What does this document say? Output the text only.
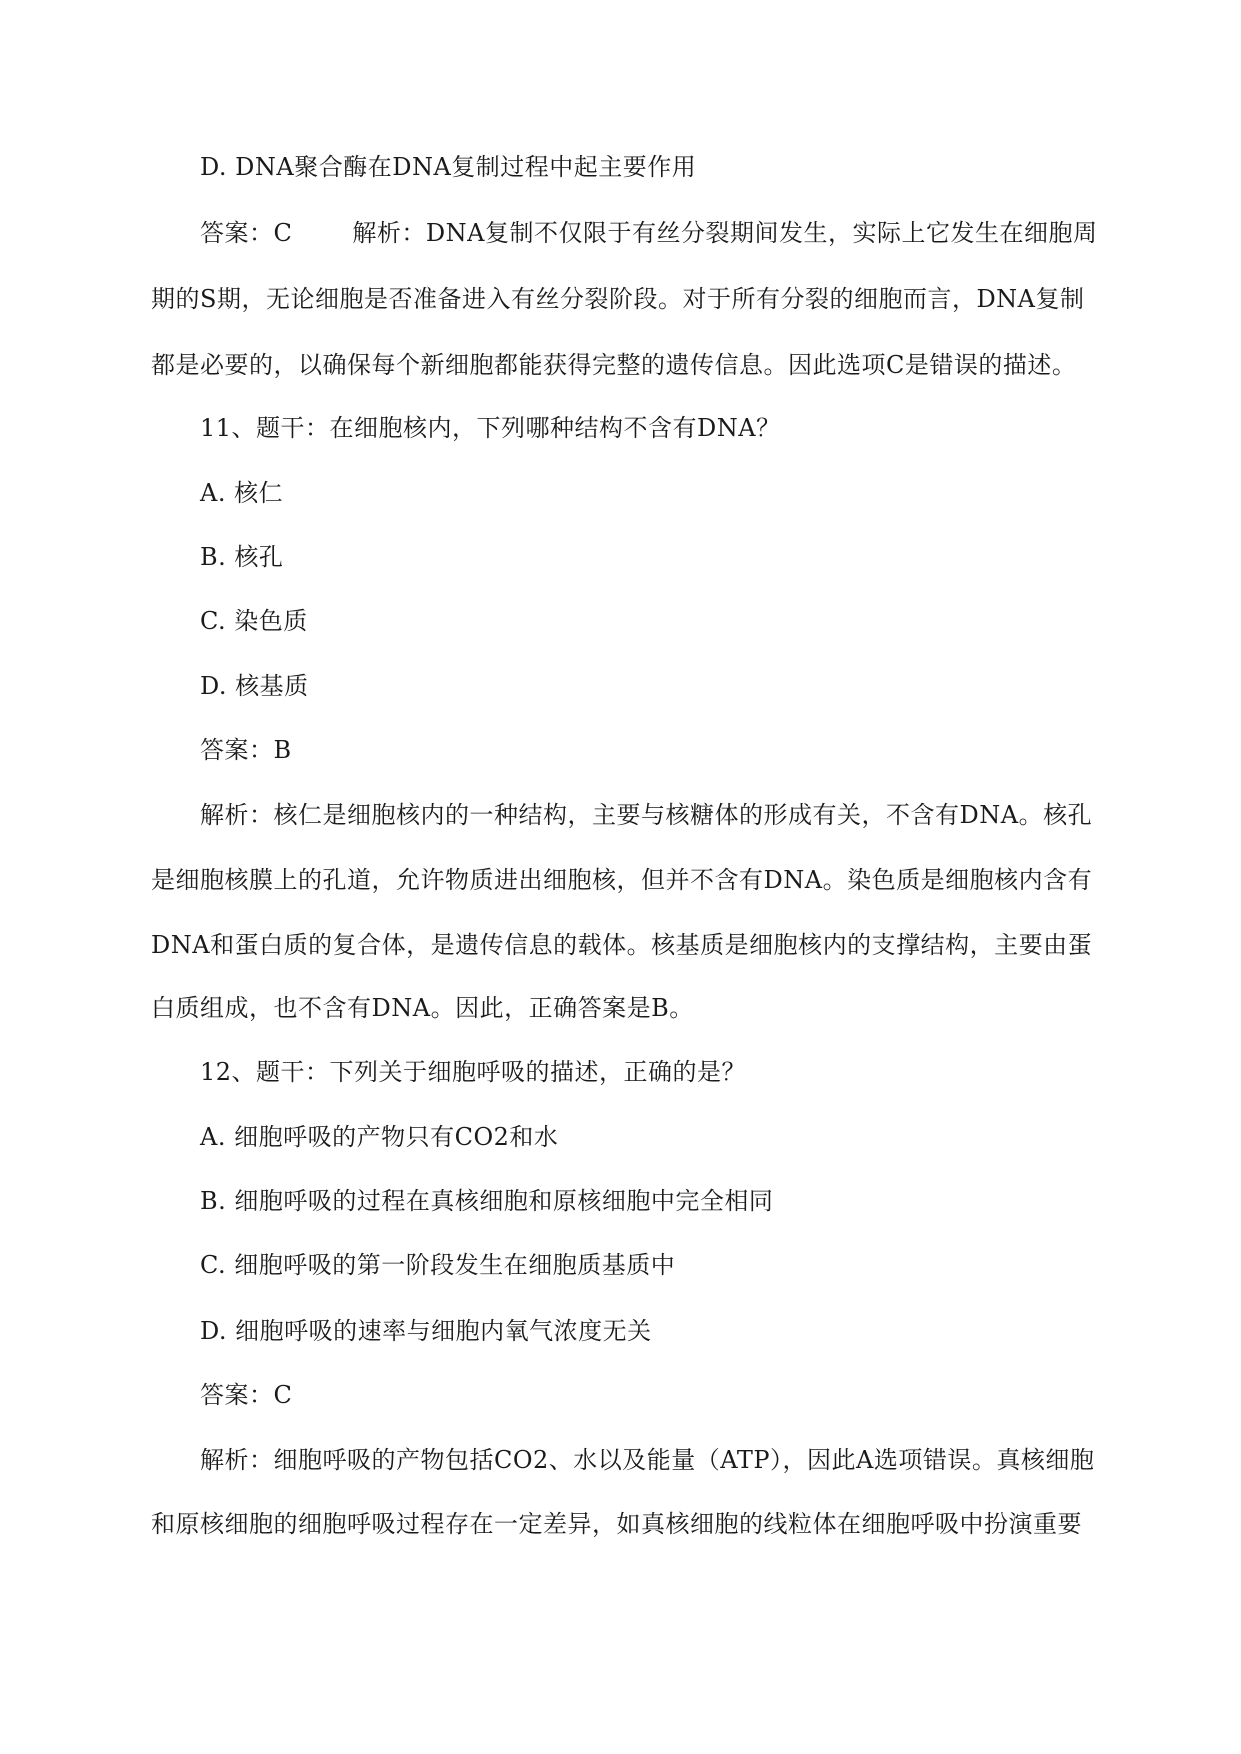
D. DNA聚合酶在DNA复制过程中起主要作用
答案：C	解析：DNA复制不仅限于有丝分裂期间发生，实际上它发生在细胞周
期的S期，无论细胞是否准备进入有丝分裂阶段。对于所有分裂的细胞而言，DNA复制
都是必要的，以确保每个新细胞都能获得完整的遗传信息。因此选项C是错误的描述。
11、题干：在细胞核内，下列哪种结构不含有DNA？
A. 核仁
B. 核孔
C. 染色质
D. 核基质
答案：B
解析：核仁是细胞核内的一种结构，主要与核糖体的形成有关，不含有DNA。核孔
是细胞核膜上的孔道，允许物质进出细胞核，但并不含有DNA。染色质是细胞核内含有
DNA和蛋白质的复合体，是遗传信息的载体。核基质是细胞核内的支撑结构，主要由蛋
白质组成，也不含有DNA。因此，正确答案是B。
12、题干：下列关于细胞呼吸的描述，正确的是？
A. 细胞呼吸的产物只有CO2和水
B. 细胞呼吸的过程在真核细胞和原核细胞中完全相同
C. 细胞呼吸的第一阶段发生在细胞质基质中
D. 细胞呼吸的速率与细胞内氧气浓度无关
答案：C
解析：细胞呼吸的产物包括CO2、水以及能量（ATP），因此A选项错误。真核细胞
和原核细胞的细胞呼吸过程存在一定差异，如真核细胞的线粒体在细胞呼吸中扮演重要
